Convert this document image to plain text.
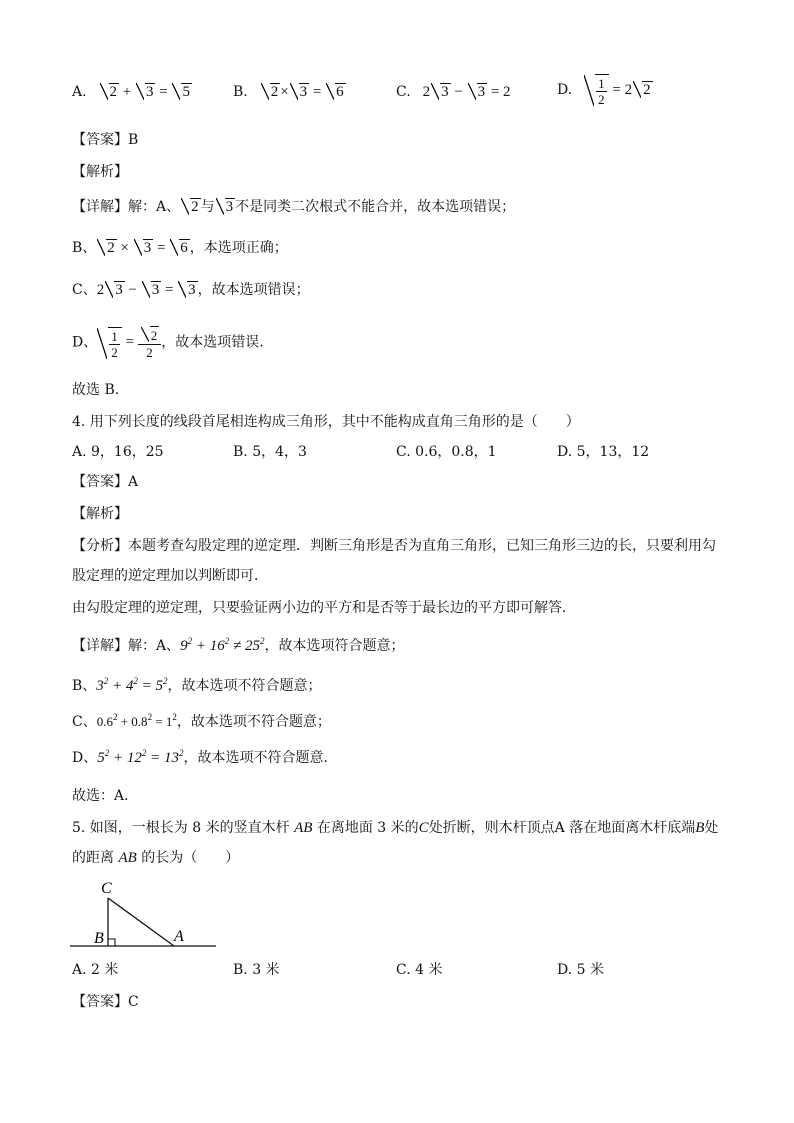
A. 2 + 3 = 5	B. 2 × 3 = 6	C.   2 3 − 3 = 2	D. $\frac{1}{2} = 2$ 2
【答案】B
【解析】
【详解】解：A、 2 与 3 不是同类二次根式不能合并，故本选项错误；
B、 2 × 3 = 6 ，本选项正确；
C、2 3 − 3 = 3 ，故本选项错误；
D、 $\frac{1}{2} = \frac{2}{2}$ ，故本选项错误.
故选 B.
4. 用下列长度的线段首尾相连构成三角形，其中不能构成直角三角形的是（　　）
A. 9，16，25	B. 5，4，3	C. 0.6，0.8，1	D. 5，13，12
【答案】A
【解析】
【分析】本题考查勾股定理的逆定理．判断三角形是否为直角三角形，已知三角形三边的长，只要利用勾
股定理的逆定理加以判断即可．
由勾股定理的逆定理，只要验证两小边的平方和是否等于最长边的平方即可解答．
【详解】解：A、$9^2 + 16^2 \ne 25^2$，故本选项符合题意；
B、$3^2 + 4^2 = 5^2$，故本选项不符合题意；
C、$0.6^2 + 0.8^2 = 1^2$，故本选项不符合题意；
D、$5^2 + 12^2 = 13^2$，故本选项不符合题意．
故选：A．
5. 如图，一根长为 8 米的竖直木杆 AB 在离地面 3 米的C处折断，则木杆顶点A 落在地面离木杆底端B处
的距离 AB 的长为（　　）
C
B	A
A. 2 米	B. 3 米	C. 4 米	D. 5 米
【答案】C
